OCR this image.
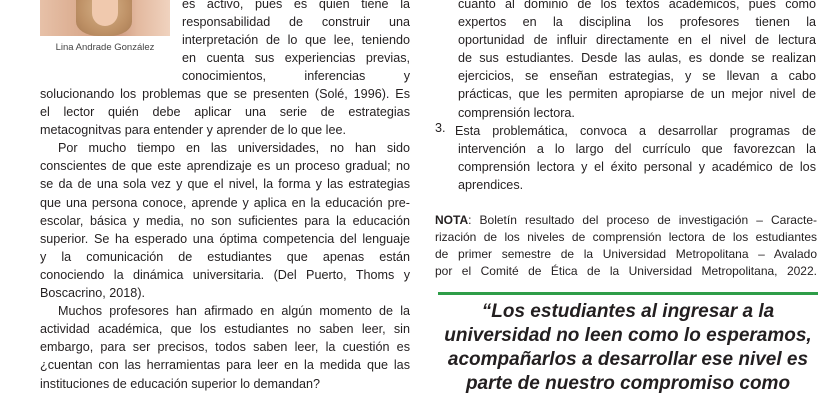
Lina Andrade González
es activo, pues es quien tiene la
responsabilidad de construir una
interpretación de lo que lee, teniendo
en cuenta sus experiencias previas,
conocimientos, inferencias y
solucionando los problemas que se presenten (Solé, 1996). Es
el lector quién debe aplicar una serie de estrategias
metacognitvas para entender y aprender de lo que lee.
Por mucho tiempo en las universidades, no han sido
conscientes de que este aprendizaje es un proceso gradual; no
se da de una sola vez y que el nivel, la forma y las estrategias
que una persona conoce, aprende y aplica en la educación pre-
escolar, básica y media, no son suficientes para la educación
superior. Se ha esperado una óptima competencia del lenguaje
y la comunicación de estudiantes que apenas están
conociendo la dinámica universitaria. (Del Puerto, Thoms y
Boscacrino, 2018).
Muchos profesores han afirmado en algún momento de la
actividad académica, que los estudiantes no saben leer, sin
embargo, para ser precisos, todos saben leer, la cuestión es
¿cuentan con las herramientas para leer en la medida que las
instituciones de educación superior lo demandan?
cuanto al dominio de los textos académicos, pues como
expertos en la disciplina los profesores tienen la
oportunidad de influir directamente en el nivel de lectura
de sus estudiantes. Desde las aulas, es donde se realizan
ejercicios, se enseñan estrategias, y se llevan a cabo
prácticas, que les permiten apropiarse de un mejor nivel de
comprensión lectora.
Esta problemática, convoca a desarrollar programas de
intervención a lo largo del currículo que favorezcan la
comprensión lectora y el éxito personal y académico de los
aprendices.
3.
NOTA: Boletín resultado del proceso de investigación – Caracte-
rización de los niveles de comprensión lectora de los estudiantes
de primer semestre de la Universidad Metropolitana – Avalado
por el Comité de Ética de la Universidad Metropolitana, 2022.
“Los estudiantes al ingresar a la
universidad no leen como lo esperamos,
acompañarlos a desarrollar ese nivel es
parte de nuestro compromiso como
